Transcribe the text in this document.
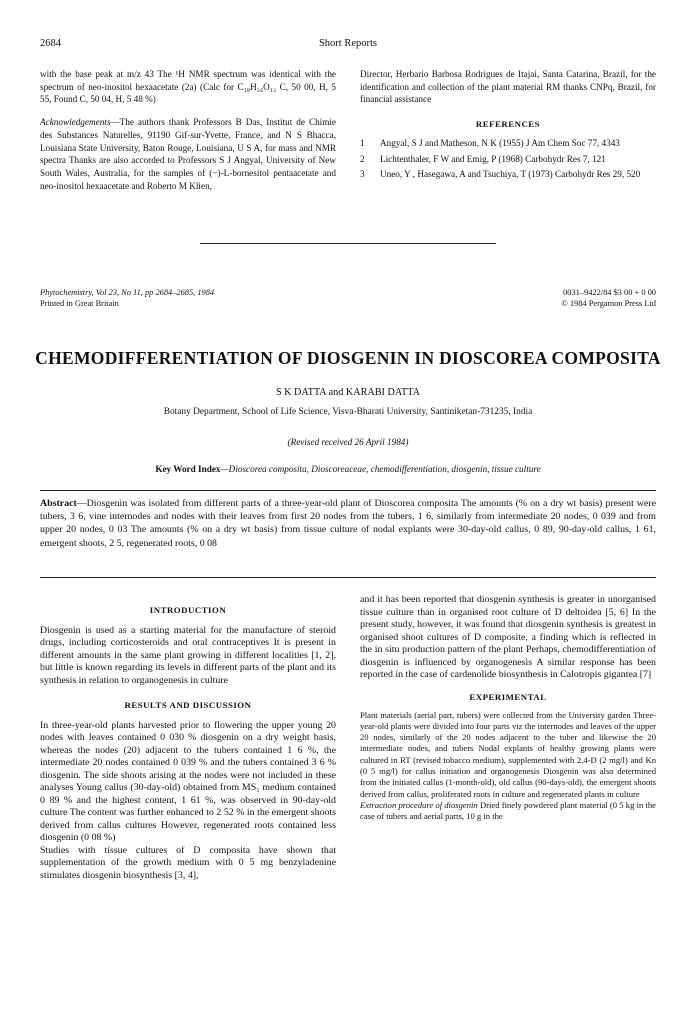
2684	Short Reports

with the base peak at m/z 43 The ¹H NMR spectrum was identical with the spectrum of neo-inositol hexaacetate (2a) (Calc for C₁₈H₂₄O₁₂ C, 50 00, H, 5 55, Found C, 50 04, H, 5 48 %)

Acknowledgements—The authors thank Professors B Das, Institut de Chimie des Substances Naturelles, 91190 Gif-sur-Yvette, France, and N S Bhacca, Louisiana State University, Baton Rouge, Louisiana, U S A, for mass and NMR spectra Thanks are also accorded to Professors S J Angyal, University of New South Wales, Australia, for the samples of (−)-L-bornesitol pentaacetate and neo-inositol hexaacetate and Roberto M Klien,

Director, Herbario Barbosa Rodrigues de Itajai, Santa Catarina, Brazil, for the identification and collection of the plant material RM thanks CNPq, Brazil, for financial assistance

REFERENCES
1 Angyal, S J and Matheson, N K (1955) J Am Chem Soc 77, 4343
2 Lichtenthaler, F W and Emig, P (1968) Carbohydr Res 7, 121
3 Uneo, Y , Hasegawa, A and Tsuchiya, T (1973) Carbohydr Res 29, 520
Phytochemistry, Vol 23, No 11, pp 2684–2685, 1984
Printed in Great Britain
0031–9422/84 $3 00 + 0 00
© 1984 Pergamon Press Ltd
CHEMODIFFERENTIATION OF DIOSGENIN IN DIOSCOREA COMPOSITA
S K DATTA and KARABI DATTA
Botany Department, School of Life Science, Visva-Bharati University, Santiniketan-731235, India
(Revised received 26 April 1984)
Key Word Index—Dioscorea composita, Dioscoreaceae, chemodifferentiation, diosgenin, tissue culture
Abstract—Diosgenin was isolated from different parts of a three-year-old plant of Dioscorea composita The amounts (% on a dry wt basis) present were tubers, 3 6, vine internodes and nodes with their leaves from first 20 nodes from the tubers, 1 6, similarly from intermediate 20 nodes, 0 039 and from upper 20 nodes, 0 03 The amounts (% on a dry wt basis) from tissue culture of nodal explants were 30-day-old callus, 0 89, 90-day-old callus, 1 61, emergent shoots, 2 5, regenerated roots, 0 08
INTRODUCTION

Diosgenin is used as a starting material for the manufacture of steroid drugs, including corticosteroids and oral contraceptives It is present in different amounts in the same plant growing in different localities [1, 2], but little is known regarding its levels in different parts of the plant and its synthesis in relation to organogenesis in culture

RESULTS AND DISCUSSION

In three-year-old plants harvested prior to flowering the upper young 20 nodes with leaves contained 0 030 % diosgenin on a dry weight basis, whereas the nodes (20) adjacent to the tubers contained 1 6 %, the intermediate 20 nodes contained 0 039 % and the tubers contained 3 6 % diosgenin. The side shoots arising at the nodes were not included in these analyses Young callus (30-day-old) obtained from MS₁ medium contained 0 89 % and the highest content, 1 61 %, was observed in 90-day-old culture The content was further enhanced to 2 52 % in the emergent shoots derived from callus cultures However, regenerated roots contained less diosgenin (0 08 %)

Studies with tissue cultures of D composita have shown that supplementation of the growth medium with 0 5 mg benzyladenine stimulates diosgenin biosynthesis [3, 4],

and it has been reported that diosgenin synthesis is greater in unorganised tissue culture than in organised root culture of D deltoidea [5, 6] In the present study, however, it was found that diosgenin synthesis is greatest in organised shoot cultures of D composite, a finding which is reflected in the in situ production pattern of the plant Perhaps, chemodifferentiation of diosgenin is influenced by organogenesis A similar response has been reported in the case of cardenolide biosynthesis in Calotropis gigantea [7]

EXPERIMENTAL

Plant materials (aerial part, tubers) were collected from the University garden Three-year-old plants were divided into four parts viz the internodes and leaves of the upper 20 nodes, similarly of the 20 nodes adjacent to the tuber and likewise the 20 intermediate nodes, and tubers Nodal explants of healthy growing plants were cultured in RT (revised tobacco medium), supplemented with 2,4-D (2 mg/l) and Kn (0 5 mg/l) for callus initiation and organogenesis Diosgenin was also determined from the initiated callus (1-month-old), old callus (90-days-old), the emergent shoots derived from callus, proliferated roots in culture and regenerated plants in culture

Extraction procedure of diosgenin Dried finely powdered plant material (0 5 kg in the case of tubers and aerial parts, 10 g in the
